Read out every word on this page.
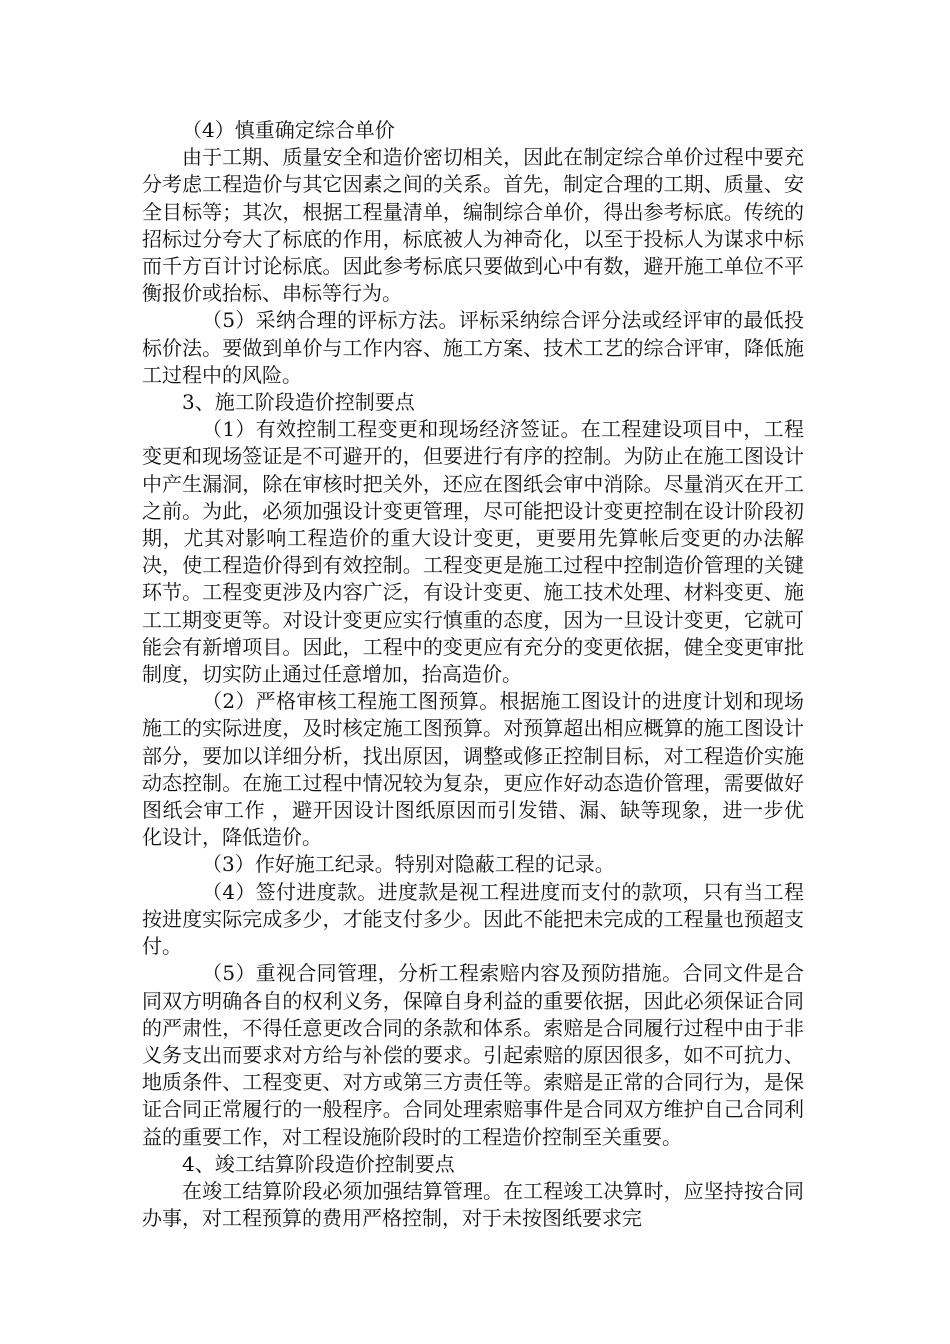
（4）慎重确定综合单价

由于工期、质量安全和造价密切相关，因此在制定综合单价过程中要充分考虑工程造价与其它因素之间的关系。首先，制定合理的工期、质量、安全目标等；其次，根据工程量清单，编制综合单价，得出参考标底。传统的招标过分夸大了标底的作用，标底被人为神奇化，以至于投标人为谋求中标而千方百计讨论标底。因此参考标底只要做到心中有数，避开施工单位不平衡报价或抬标、串标等行为。

（5）采纳合理的评标方法。评标采纳综合评分法或经评审的最低投标价法。要做到单价与工作内容、施工方案、技术工艺的综合评审，降低施工过程中的风险。

3、施工阶段造价控制要点

（1）有效控制工程变更和现场经济签证。在工程建设项目中，工程变更和现场签证是不可避开的，但要进行有序的控制。为防止在施工图设计中产生漏洞，除在审核时把关外，还应在图纸会审中消除。尽量消灭在开工之前。为此，必须加强设计变更管理，尽可能把设计变更控制在设计阶段初期，尤其对影响工程造价的重大设计变更，更要用先算帐后变更的办法解决，使工程造价得到有效控制。工程变更是施工过程中控制造价管理的关键环节。工程变更涉及内容广泛，有设计变更、施工技术处理、材料变更、施工工期变更等。对设计变更应实行慎重的态度，因为一旦设计变更，它就可能会有新增项目。因此，工程中的变更应有充分的变更依据，健全变更审批制度，切实防止通过任意增加，抬高造价。

（2）严格审核工程施工图预算。根据施工图设计的进度计划和现场施工的实际进度，及时核定施工图预算。对预算超出相应概算的施工图设计部分，要加以详细分析，找出原因，调整或修正控制目标，对工程造价实施动态控制。在施工过程中情况较为复杂，更应作好动态造价管理，需要做好图纸会审工作 ，避开因设计图纸原因而引发错、漏、缺等现象，进一步优化设计，降低造价。

（3）作好施工纪录。特别对隐蔽工程的记录。

（4）签付进度款。进度款是视工程进度而支付的款项，只有当工程按进度实际完成多少，才能支付多少。因此不能把未完成的工程量也预超支付。

（5）重视合同管理，分析工程索赔内容及预防措施。合同文件是合同双方明确各自的权利义务，保障自身利益的重要依据，因此必须保证合同的严肃性，不得任意更改合同的条款和体系。索赔是合同履行过程中由于非义务支出而要求对方给与补偿的要求。引起索赔的原因很多，如不可抗力、地质条件、工程变更、对方或第三方责任等。索赔是正常的合同行为，是保证合同正常履行的一般程序。合同处理索赔事件是合同双方维护自己合同利益的重要工作，对工程设施阶段时的工程造价控制至关重要。

4、竣工结算阶段造价控制要点

在竣工结算阶段必须加强结算管理。在工程竣工决算时，应坚持按合同办事，对工程预算的费用严格控制，对于未按图纸要求完
